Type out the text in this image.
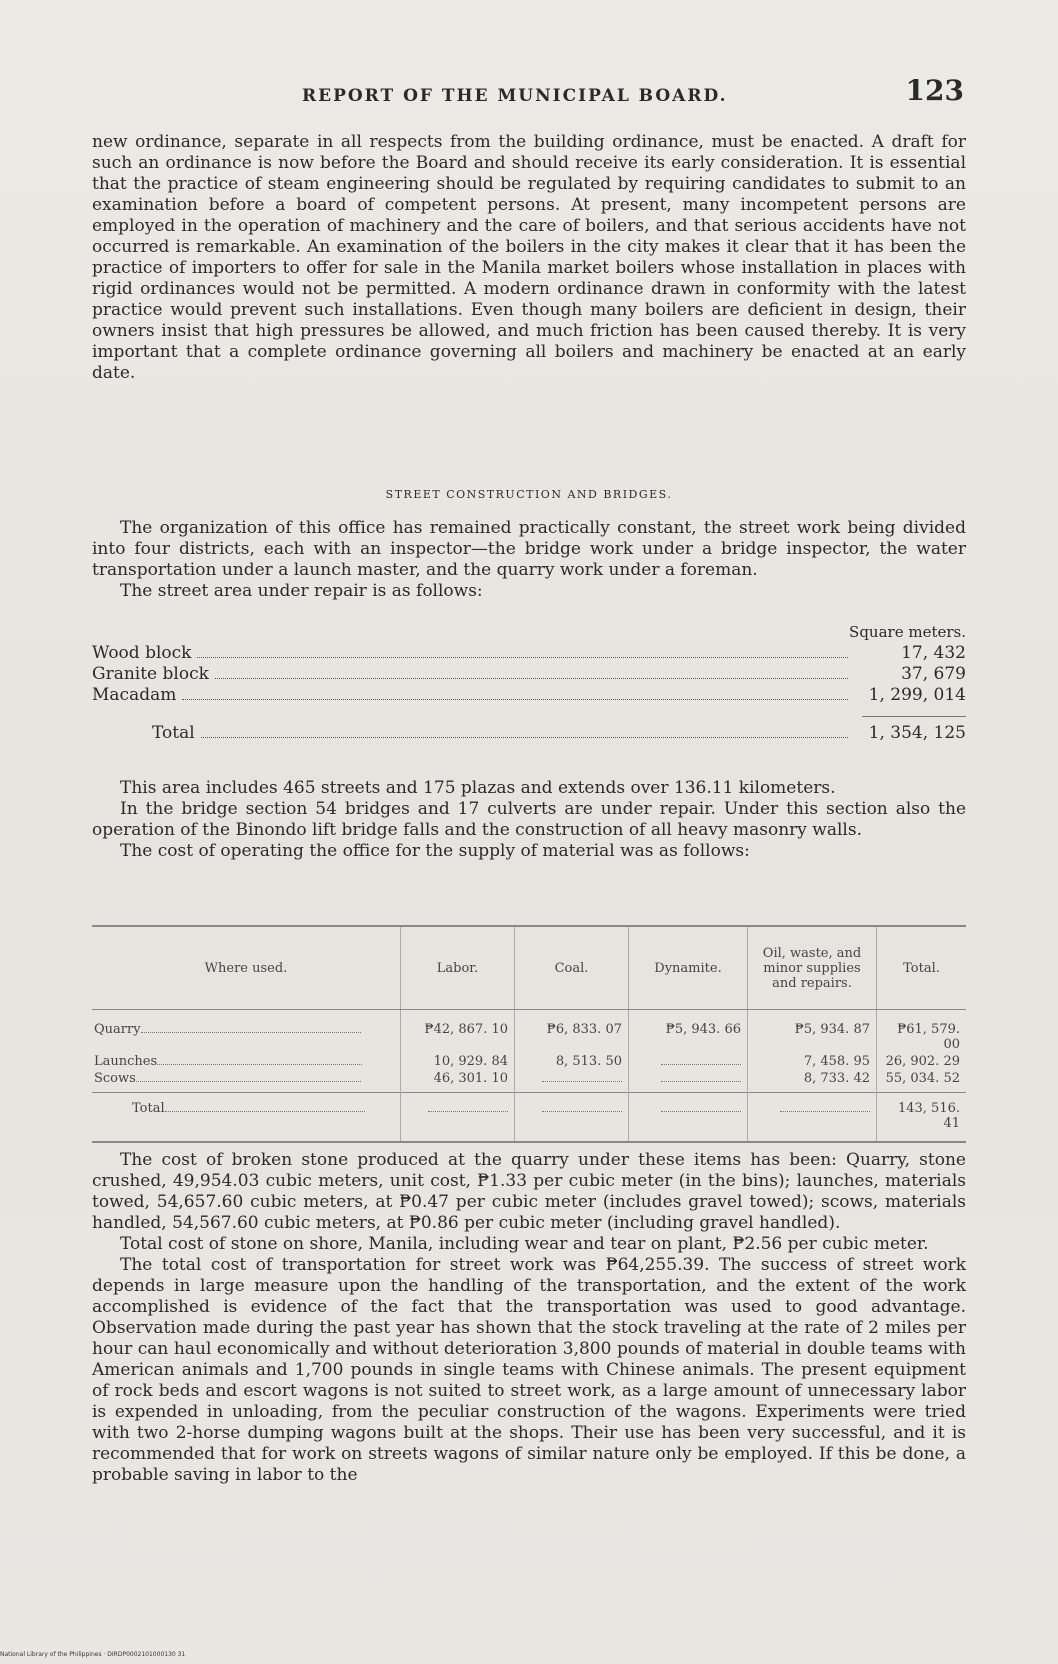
REPORT OF THE MUNICIPAL BOARD.	123

new ordinance, separate in all respects from the building ordinance, must be enacted. A draft for such an ordinance is now before the Board and should receive its early consideration. It is essential that the practice of steam engineering should be regulated by requiring candidates to submit to an examination before a board of competent persons. At present, many incompetent persons are employed in the operation of machinery and the care of boilers, and that serious accidents have not occurred is remarkable. An examination of the boilers in the city makes it clear that it has been the practice of importers to offer for sale in the Manila market boilers whose installation in places with rigid ordinances would not be permitted. A modern ordinance drawn in conformity with the latest practice would prevent such installations. Even though many boilers are deficient in design, their owners insist that high pressures be allowed, and much friction has been caused thereby. It is very important that a complete ordinance governing all boilers and machinery be enacted at an early date.

STREET CONSTRUCTION AND BRIDGES.

The organization of this office has remained practically constant, the street work being divided into four districts, each with an inspector—the bridge work under a bridge inspector, the water transportation under a launch master, and the quarry work under a foreman.

The street area under repair is as follows:

Square meters.
Wood block	17, 432
Granite block	37, 679
Macadam	1, 299, 014
Total	1, 354, 125

This area includes 465 streets and 175 plazas and extends over 136.11 kilometers.

In the bridge section 54 bridges and 17 culverts are under repair. Under this section also the operation of the Binondo lift bridge falls and the construction of all heavy masonry walls.

The cost of operating the office for the supply of material was as follows:

Where used.	Labor.	Coal.	Dynamite.	Oil, waste, and minor supplies and repairs.	Total.
Quarry	₱42, 867. 10	₱6, 833. 07	₱5, 943. 66	₱5, 934. 87	₱61, 579. 00
Launches	10, 929. 84	8, 513. 50		7, 458. 95	26, 902. 29
Scows	46, 301. 10			8, 733. 42	55, 034. 52
Total					143, 516. 41

The cost of broken stone produced at the quarry under these items has been: Quarry, stone crushed, 49,954.03 cubic meters, unit cost, ₱1.33 per cubic meter (in the bins); launches, materials towed, 54,657.60 cubic meters, at ₱0.47 per cubic meter (includes gravel towed); scows, materials handled, 54,567.60 cubic meters, at ₱0.86 per cubic meter (including gravel handled).

Total cost of stone on shore, Manila, including wear and tear on plant, ₱2.56 per cubic meter.

The total cost of transportation for street work was ₱64,255.39. The success of street work depends in large measure upon the handling of the transportation, and the extent of the work accomplished is evidence of the fact that the transportation was used to good advantage. Observation made during the past year has shown that the stock traveling at the rate of 2 miles per hour can haul economically and without deterioration 3,800 pounds of material in double teams with American animals and 1,700 pounds in single teams with Chinese animals. The present equipment of rock beds and escort wagons is not suited to street work, as a large amount of unnecessary labor is expended in unloading, from the peculiar construction of the wagons. Experiments were tried with two 2-horse dumping wagons built at the shops. Their use has been very successful, and it is recommended that for work on streets wagons of similar nature only be employed. If this be done, a probable saving in labor to the

National Library of the Philippines · DIRDP0002101000130 31
